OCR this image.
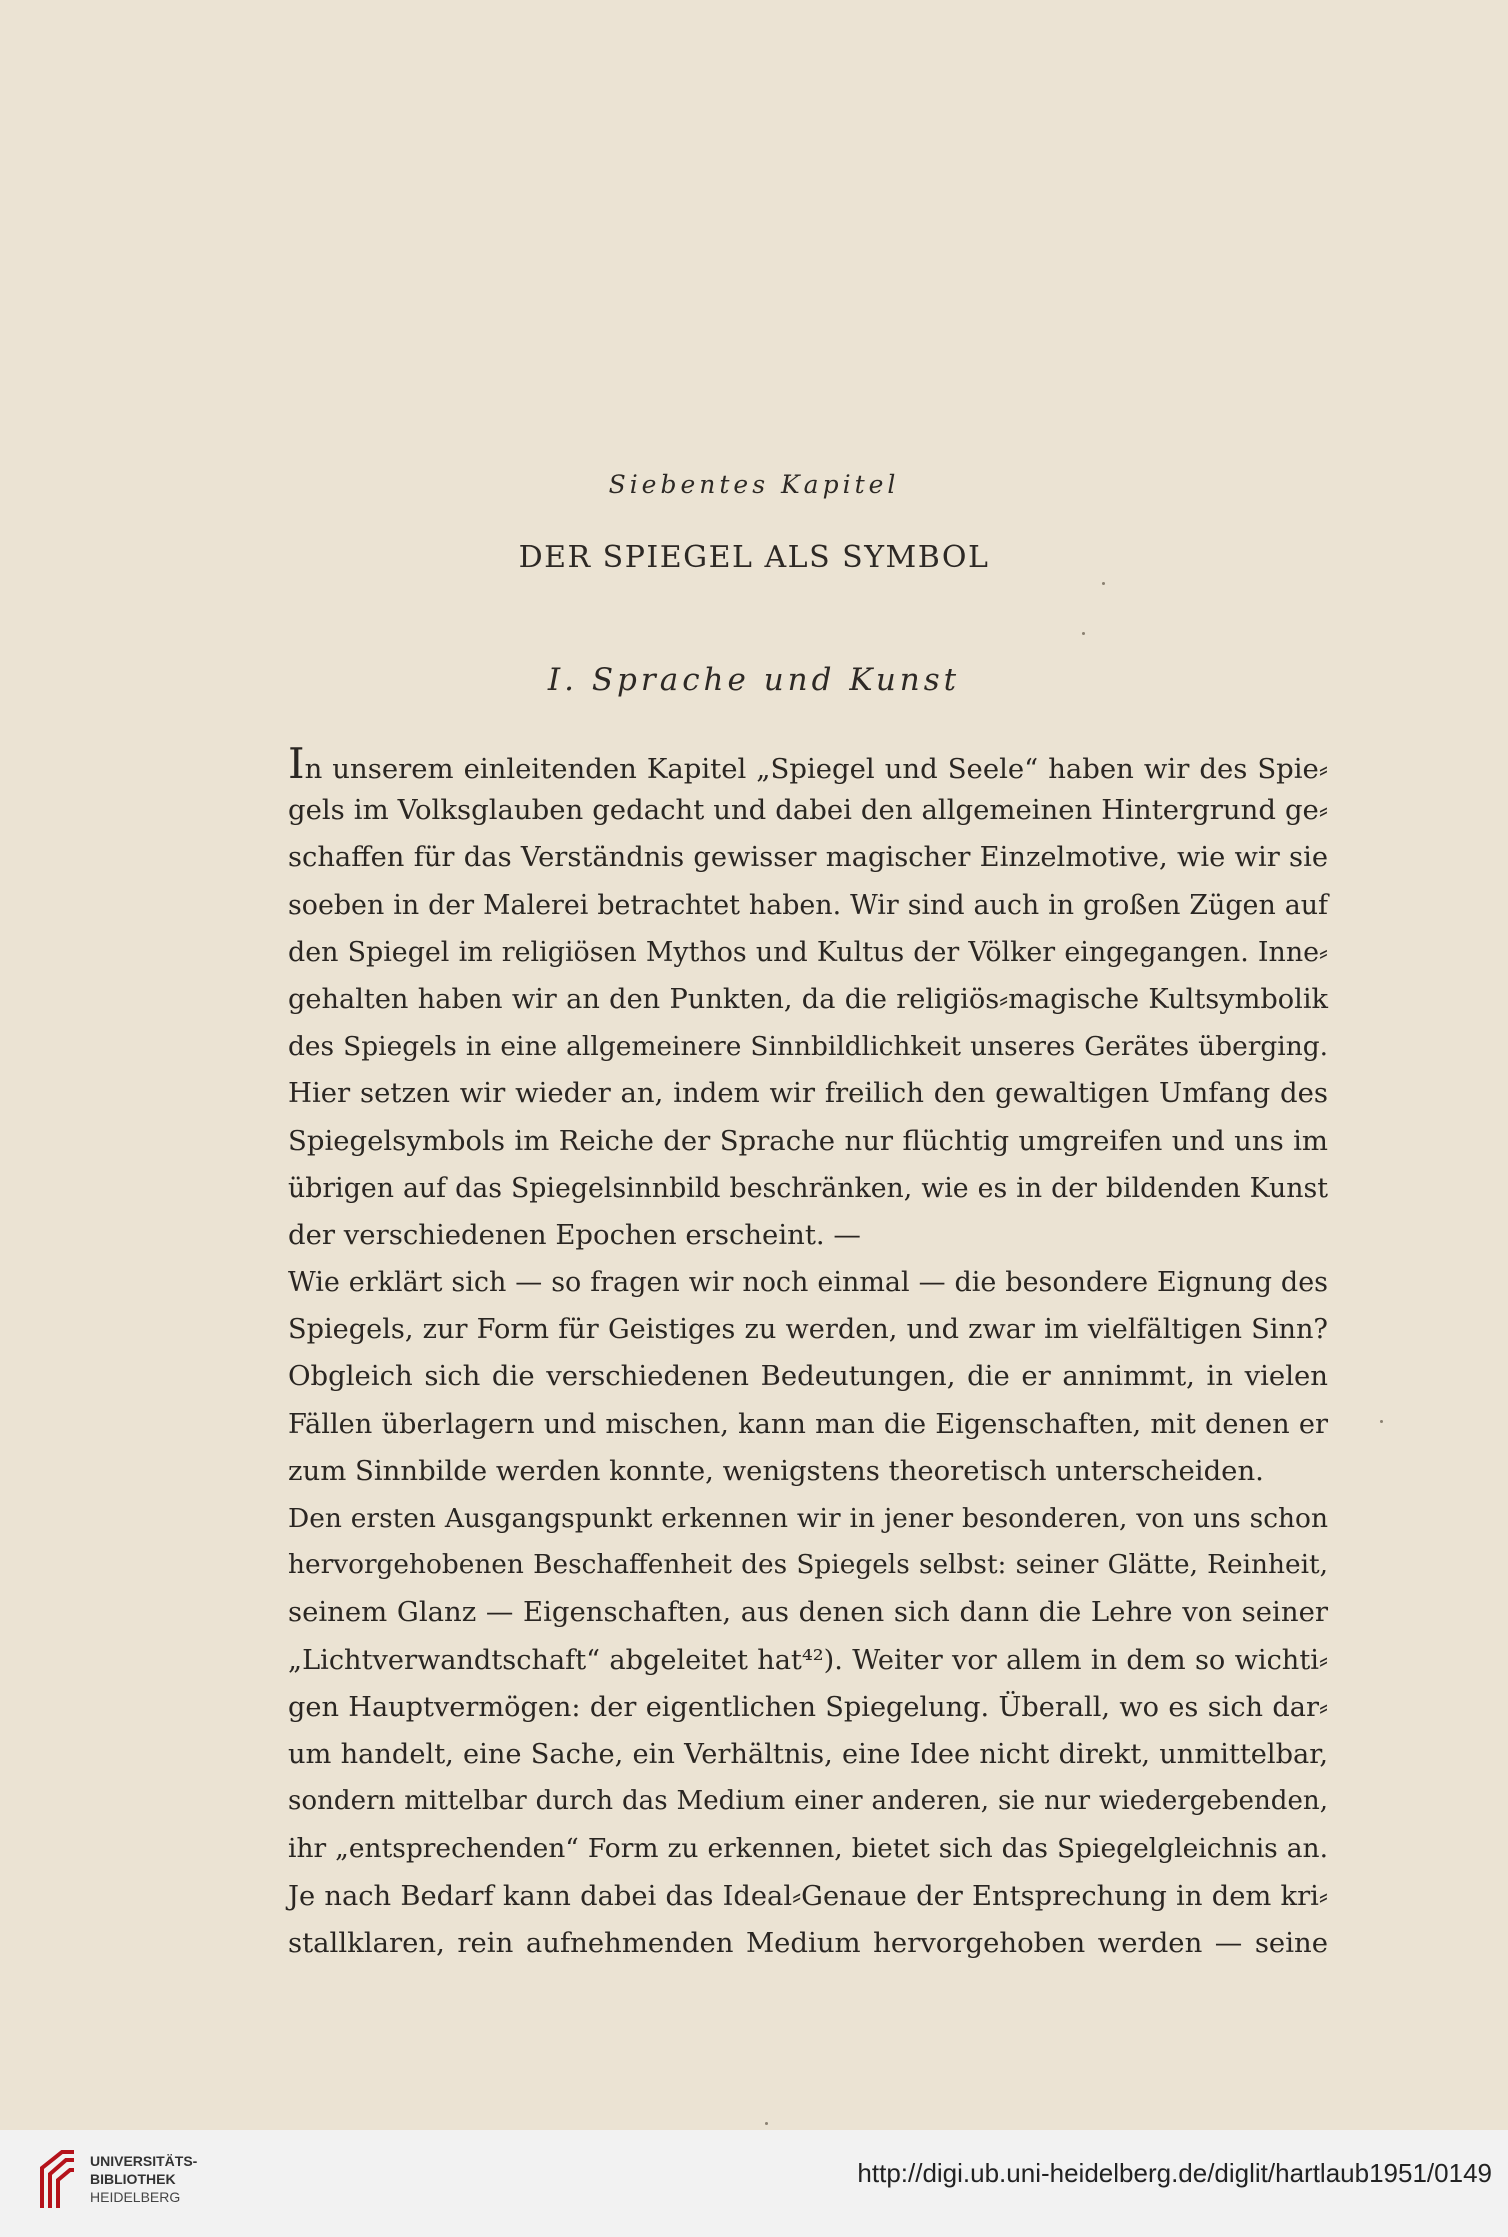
Siebentes Kapitel
DER SPIEGEL ALS SYMBOL
I. Sprache und Kunst
In unserem einleitenden Kapitel „Spiegel und Seele“ haben wir des Spie⸗
gels im Volksglauben gedacht und dabei den allgemeinen Hintergrund ge⸗
schaffen für das Verständnis gewisser magischer Einzelmotive, wie wir sie
soeben in der Malerei betrachtet haben. Wir sind auch in großen Zügen auf
den Spiegel im religiösen Mythos und Kultus der Völker eingegangen. Inne⸗
gehalten haben wir an den Punkten, da die religiös⸗magische Kultsymbolik
des Spiegels in eine allgemeinere Sinnbildlichkeit unseres Gerätes überging.
Hier setzen wir wieder an, indem wir freilich den gewaltigen Umfang des
Spiegelsymbols im Reiche der Sprache nur flüchtig umgreifen und uns im
übrigen auf das Spiegelsinnbild beschränken, wie es in der bildenden Kunst
der verschiedenen Epochen erscheint. —
Wie erklärt sich — so fragen wir noch einmal — die besondere Eignung des
Spiegels, zur Form für Geistiges zu werden, und zwar im vielfältigen Sinn?
Obgleich sich die verschiedenen Bedeutungen, die er annimmt, in vielen
Fällen überlagern und mischen, kann man die Eigenschaften, mit denen er
zum Sinnbilde werden konnte, wenigstens theoretisch unterscheiden.
Den ersten Ausgangspunkt erkennen wir in jener besonderen, von uns schon
hervorgehobenen Beschaffenheit des Spiegels selbst: seiner Glätte, Reinheit,
seinem Glanz — Eigenschaften, aus denen sich dann die Lehre von seiner
„Lichtverwandtschaft“ abgeleitet hat⁴²). Weiter vor allem in dem so wichti⸗
gen Hauptvermögen: der eigentlichen Spiegelung. Überall, wo es sich dar⸗
um handelt, eine Sache, ein Verhältnis, eine Idee nicht direkt, unmittelbar,
sondern mittelbar durch das Medium einer anderen, sie nur wiedergebenden,
ihr „entsprechenden“ Form zu erkennen, bietet sich das Spiegelgleichnis an.
Je nach Bedarf kann dabei das Ideal⸗Genaue der Entsprechung in dem kri⸗
stallklaren, rein aufnehmenden Medium hervorgehoben werden — seine
UNIVERSITÄTS-
BIBLIOTHEK
HEIDELBERG
http://digi.ub.uni-heidelberg.de/diglit/hartlaub1951/0149
